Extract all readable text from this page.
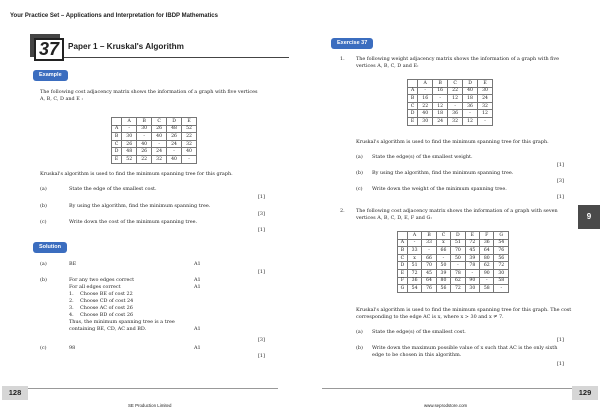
Your Practice Set – Applications and Interpretation for IBDP Mathematics
37	Paper 1 – Kruskal's Algorithm
Example
The following cost adjacency matrix shows the information of a graph with five vertices
A, B, C, D and E :
	A	B	C	D	E
A	-	30	26	48	52
B	30	-	40	26	22
C	26	40	-	24	32
D	48	26	24	-	40
E	52	22	32	40	-
Kruskal's algorithm is used to find the minimum spanning tree for this graph.
(a)	State the edge of the smallest cost.
[1]
(b)	By using the algorithm, find the minimum spanning tree.
[3]
(c)	Write down the cost of the minimum spanning tree.
[1]
Solution
(a)	BE	A1
[1]
(b)	For any two edges correct	A1
For all edges correct	A1
1. Choose BE of cost 22
2. Choose CD of cost 24
3. Choose AC of cost 26
4. Choose BD of cost 26
Thus, the minimum spanning tree is a tree
containing BE, CD, AC and BD.	A1
[3]
(c)	98	A1
[1]
Exercise 37
1. The following weight adjacency matrix shows the information of a graph with five
vertices A, B, C, D and E:
	A	B	C	D	E
A	-	16	22	40	30
B	16	-	12	18	24
C	22	12	-	36	32
D	40	18	36	-	12
E	30	24	32	12	-
Kruskal's algorithm is used to find the minimum spanning tree for this graph.
(a) State the edge(s) of the smallest weight.
[1]
(b) By using the algorithm, find the minimum spanning tree.
[3]
(c) Write down the weight of the minimum spanning tree.
[1]
2. The following cost adjacency matrix shows the information of a graph with seven
vertices A, B, C, D, E, F and G:
	A	B	C	D	E	F	G
A	-	33	x	51	72	36	54
B	33	-	66	70	45	64	76
C	x	66	-	50	39	80	56
D	51	70	50	-	78	62	72
E	72	45	39	78	-	90	30
F	36	64	80	62	90	-	58
G	54	76	56	72	30	58	-
Kruskal's algorithm is used to find the minimum spanning tree for this graph. The cost
corresponding to the edge AC is x, where x > 30 and x ≠ 7.
(a) State the edge(s) of the smallest cost.
[1]
(b) Write down the maximum possible value of x such that AC is the only sixth
edge to be chosen in this algorithm.
[1]
9
128	129
SE Production Limited	www.seprodstore.com
